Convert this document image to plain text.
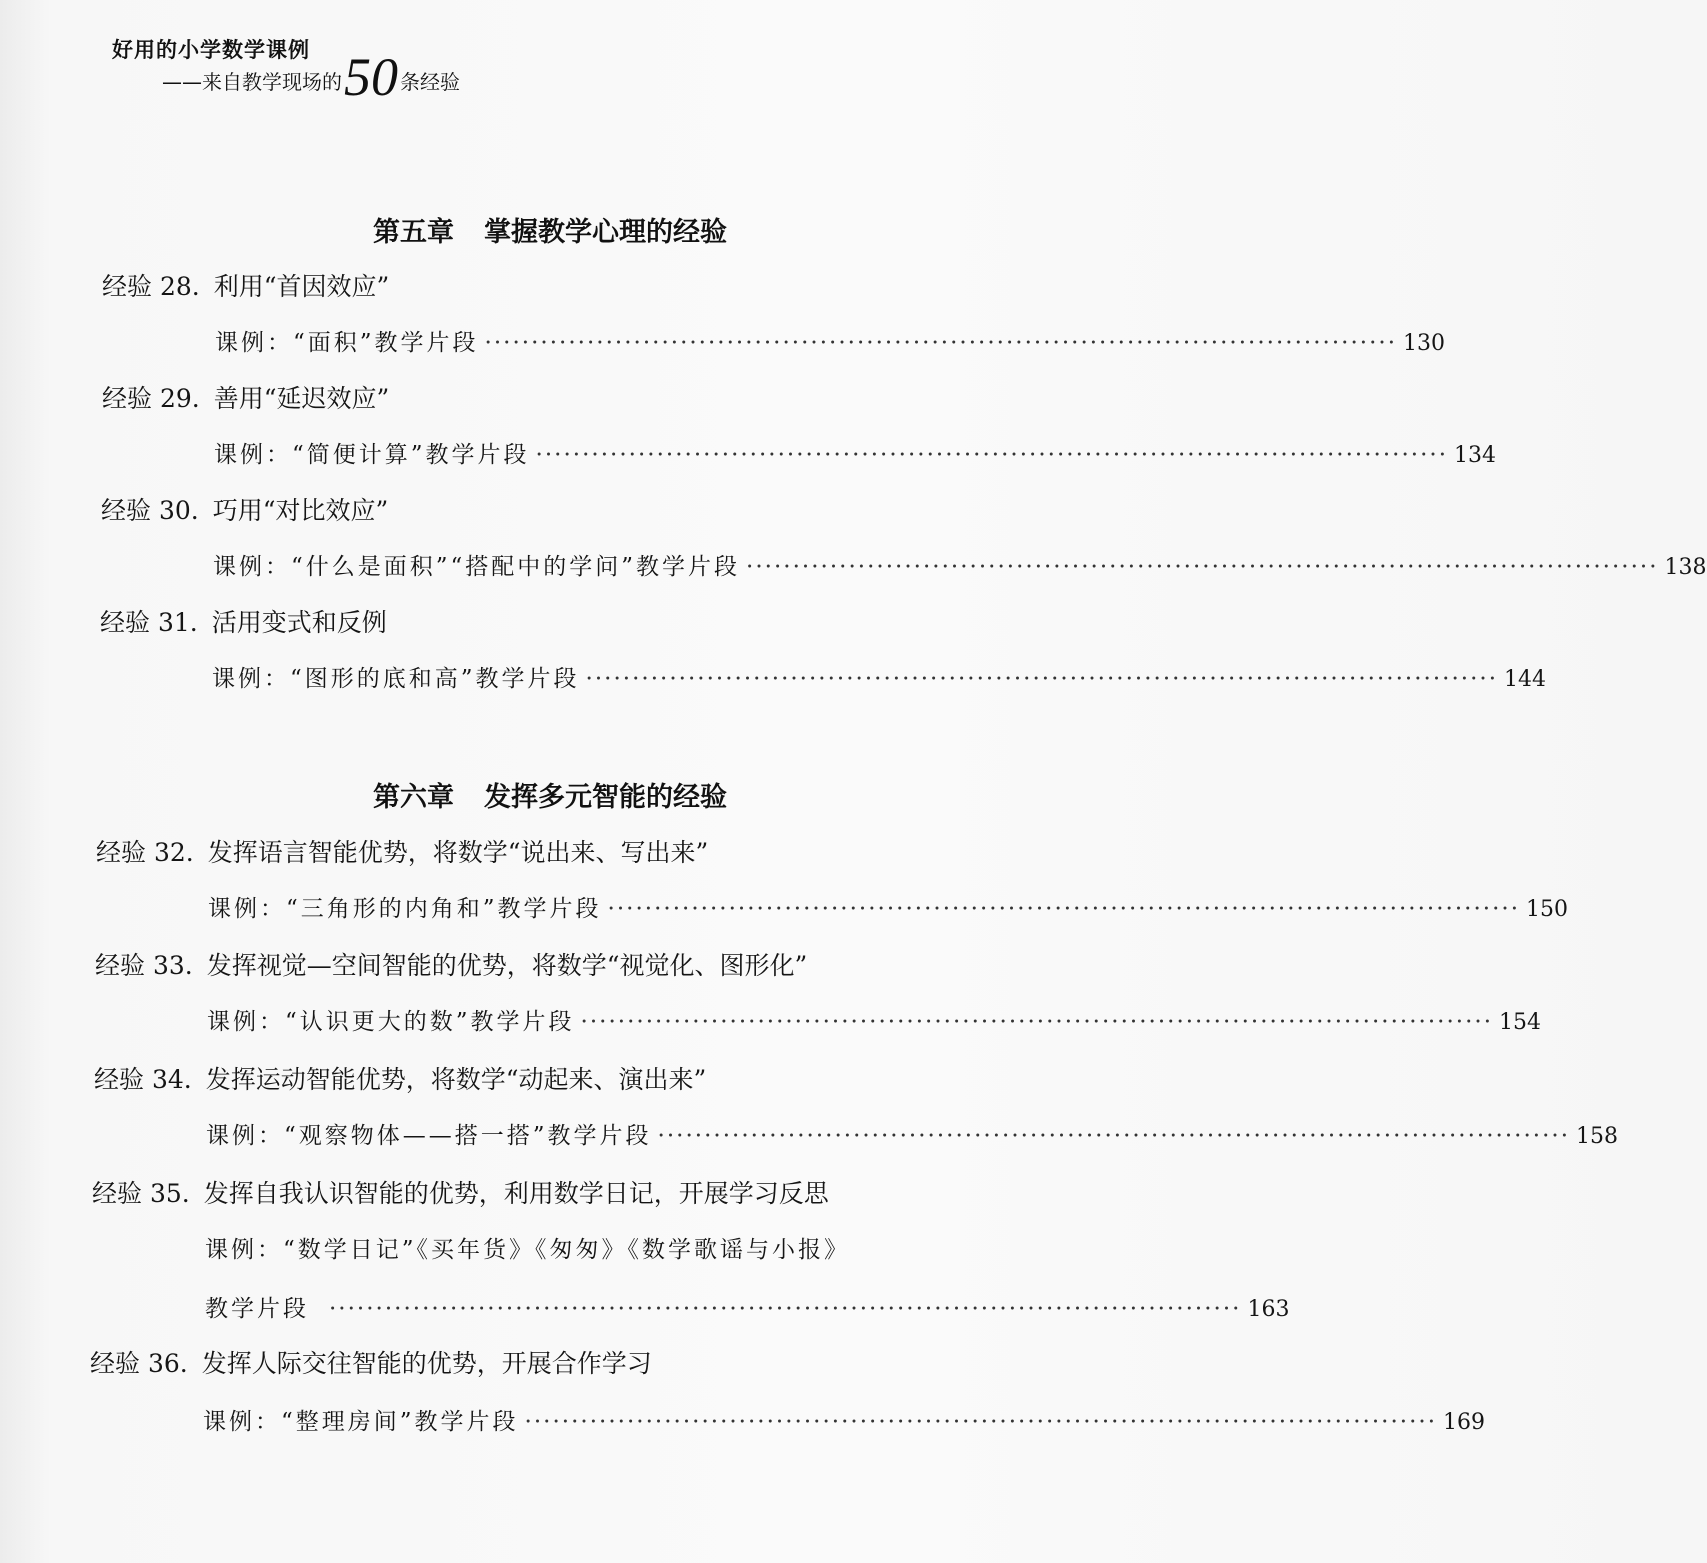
好用的小学数学课例
——来自教学现场的50 条经验
第五章 掌握教学心理的经验
经验 28. 利用“首因效应”
课例：“面积”教学片段 ·································································································· 130
经验 29. 善用“延迟效应”
课例：“简便计算”教学片段 ·································································································· 134
经验 30. 巧用“对比效应”
课例：“什么是面积”“搭配中的学问”教学片段 ·································································································· 138
经验 31. 活用变式和反例
课例：“图形的底和高”教学片段 ·································································································· 144
第六章 发挥多元智能的经验
经验 32. 发挥语言智能优势，将数学“说出来、写出来”
课例：“三角形的内角和”教学片段 ·································································································· 150
经验 33. 发挥视觉—空间智能的优势，将数学“视觉化、图形化”
课例：“认识更大的数”教学片段 ·································································································· 154
经验 34. 发挥运动智能优势，将数学“动起来、演出来”
课例：“观察物体——搭一搭”教学片段 ·································································································· 158
经验 35. 发挥自我认识智能的优势，利用数学日记，开展学习反思
课例：“数学日记”《买年货》《匆匆》《数学歌谣与小报》
教学片段 ·································································································· 163
经验 36. 发挥人际交往智能的优势，开展合作学习
课例：“整理房间”教学片段 ·································································································· 169
